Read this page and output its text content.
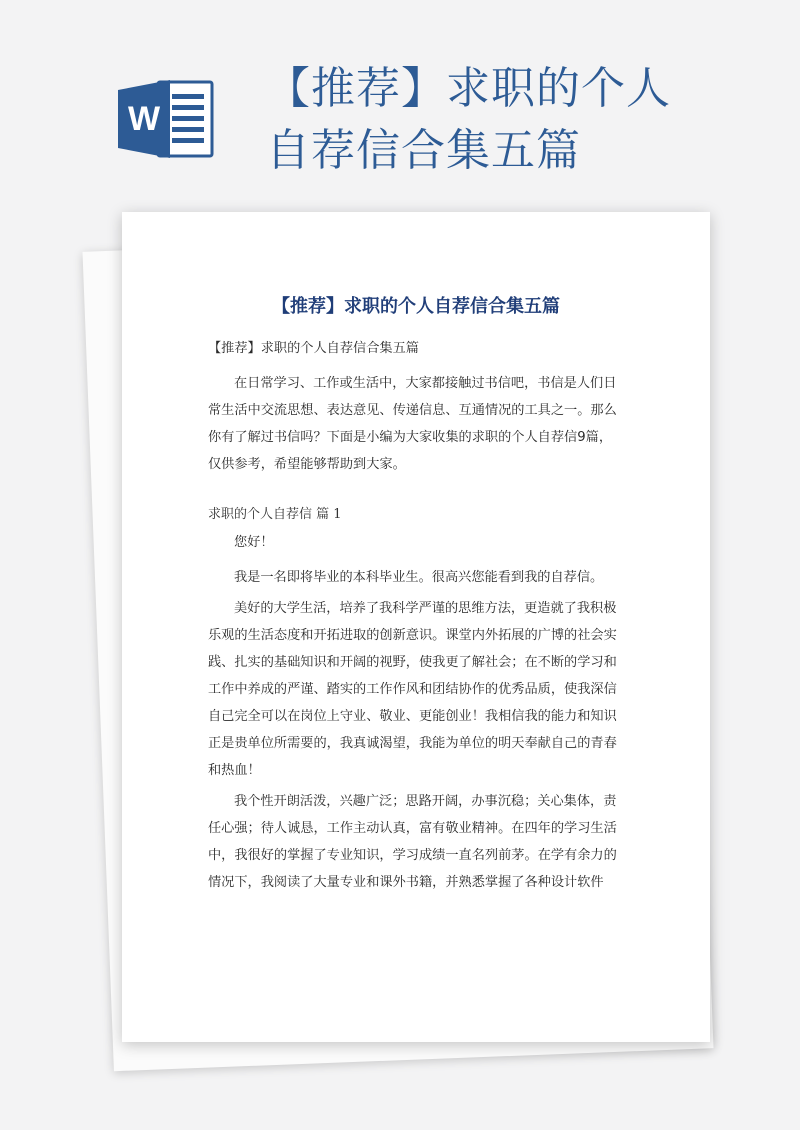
W
【推荐】求职的个人自荐信合集五篇
【推荐】求职的个人自荐信合集五篇

【推荐】求职的个人自荐信合集五篇

在日常学习、工作或生活中，大家都接触过书信吧，书信是人们日常生活中交流思想、表达意见、传递信息、互通情况的工具之一。那么你有了解过书信吗？下面是小编为大家收集的求职的个人自荐信9篇，仅供参考，希望能够帮助到大家。

求职的个人自荐信 篇 1

您好！

我是一名即将毕业的本科毕业生。很高兴您能看到我的自荐信。

美好的大学生活，培养了我科学严谨的思维方法，更造就了我积极乐观的生活态度和开拓进取的创新意识。课堂内外拓展的广博的社会实践、扎实的基础知识和开阔的视野，使我更了解社会；在不断的学习和工作中养成的严谨、踏实的工作作风和团结协作的优秀品质，使我深信自己完全可以在岗位上守业、敬业、更能创业！我相信我的能力和知识正是贵单位所需要的，我真诚渴望，我能为单位的明天奉献自己的青春和热血！

我个性开朗活泼，兴趣广泛；思路开阔，办事沉稳；关心集体，责任心强；待人诚恳，工作主动认真，富有敬业精神。在四年的学习生活中，我很好的掌握了专业知识，学习成绩一直名列前茅。在学有余力的情况下，我阅读了大量专业和课外书籍，并熟悉掌握了各种设计软件
